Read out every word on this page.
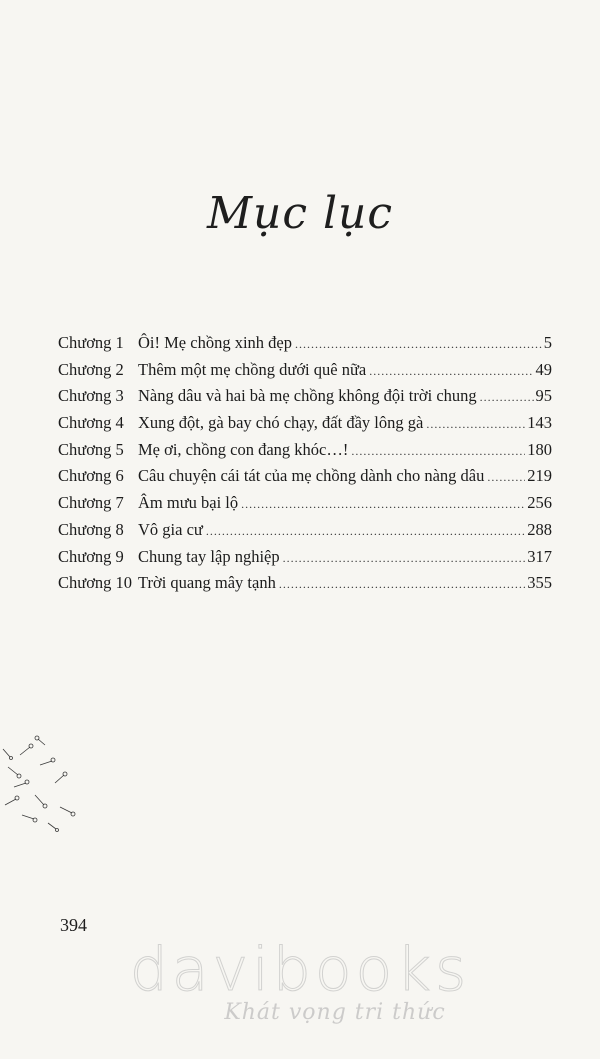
Mục lục
Chương 1 Ôi! Mẹ chồng xinh đẹp .....	5
Chương 2 Thêm một mẹ chồng dưới quê nữa .....	49
Chương 3 Nàng dâu và hai bà mẹ chồng không đội trời chung .....	95
Chương 4 Xung đột, gà bay chó chạy, đất đầy lông gà .....	143
Chương 5 Mẹ ơi, chồng con đang khóc…! .....	180
Chương 6 Câu chuyện cái tát của mẹ chồng dành cho nàng dâu .....	219
Chương 7 Âm mưu bại lộ .....	256
Chương 8 Vô gia cư .....	288
Chương 9 Chung tay lập nghiệp .....	317
Chương 10 Trời quang mây tạnh .....	355
394
davibooks
Khát vọng tri thức
